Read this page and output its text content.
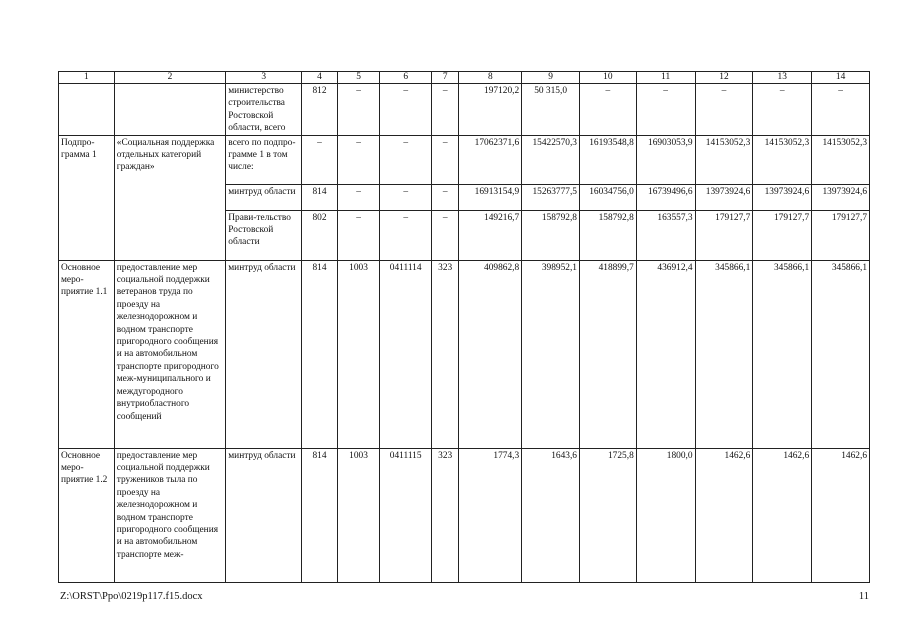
1	2	3	4	5	6	7	8	9	10	11	12	13	14
		министерство строительства Ростовской области, всего	812	–	–	–	197120,2	50 315,0	–	–	–	–	–
Подпро-грамма 1	«Социальная поддержка отдельных категорий граждан»	всего по подпро-грамме 1 в том числе:	–	–	–	–	17062371,6	15422570,3	16193548,8	16903053,9	14153052,3	14153052,3	14153052,3
		минтруд области	814	–	–	–	16913154,9	15263777,5	16034756,0	16739496,6	13973924,6	13973924,6	13973924,6
		Прави-тельство Ростовской области	802	–	–	–	149216,7	158792,8	158792,8	163557,3	179127,7	179127,7	179127,7
Основное меро-приятие 1.1	предоставление мер социальной поддержки ветеранов труда по проезду на железнодорожном и водном транспорте пригородного сообщения и на автомобильном транспорте пригородного меж-муниципального и междугородного внутриобластного сообщений	минтруд области	814	1003	0411114	323	409862,8	398952,1	418899,7	436912,4	345866,1	345866,1	345866,1
Основное меро-приятие 1.2	предоставление мер социальной поддержки тружеников тыла по проезду на железнодорожном и водном транспорте пригородного сообщения и на автомобильном транспорте меж-	минтруд области	814	1003	0411115	323	1774,3	1643,6	1725,8	1800,0	1462,6	1462,6	1462,6
Z:\ORST\Ppo\0219p117.f15.docx	11
